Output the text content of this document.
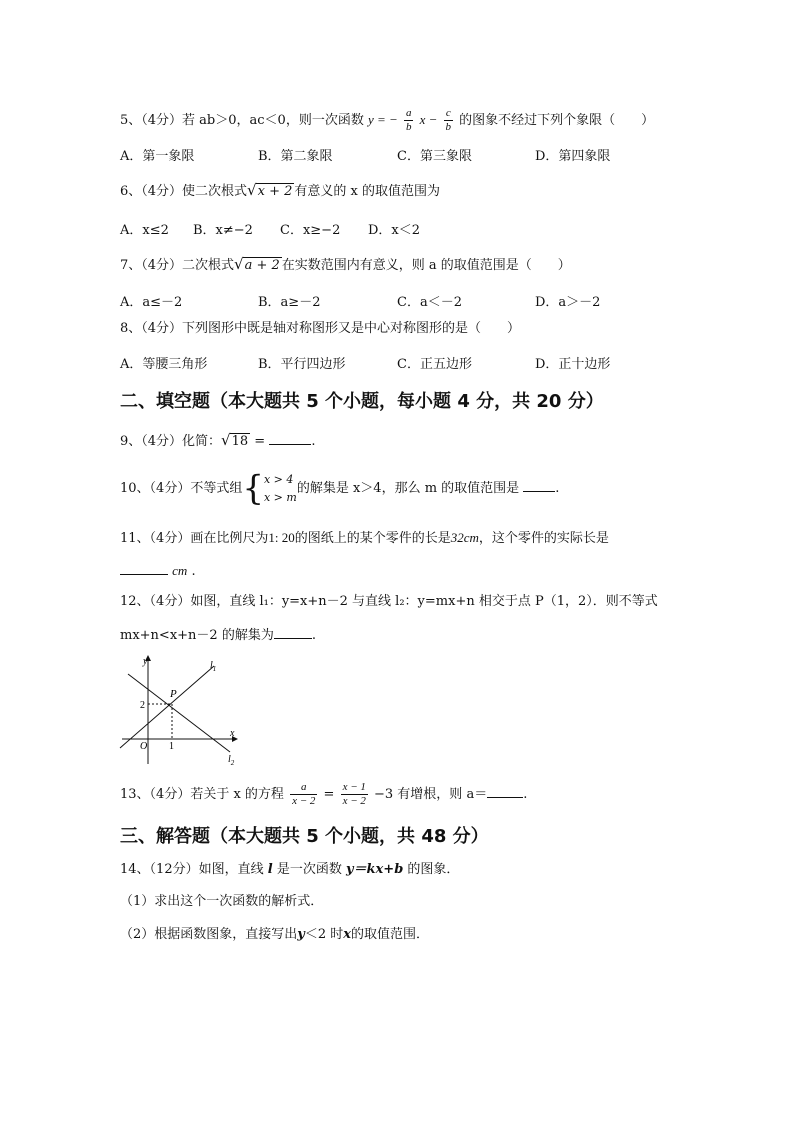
5、（4分）若 ab＞0，ac＜0，则一次函数 y = − $\frac{a}{b}$ $x - \frac{c}{b}$ 的图象不经过下列个象限（　　）
A．第一象限	B．第二象限	C．第三象限	D．第四象限
6、（4分）使二次根式√x + 2 有意义的 x 的取值范围为
A．x≤2 B．x≠−2 C．x≥−2 D．x＜2
7、（4分）二次根式√a + 2 在实数范围内有意义，则 a 的取值范围是（　　）
A．a≤－2	B．a≥－2	C．a＜－2	D．a＞－2
8、（4分）下列图形中既是轴对称图形又是中心对称图形的是（　　）
A．等腰三角形	B．平行四边形	C．正五边形	D．正十边形
二、填空题（本大题共 5 个小题，每小题 4 分，共 20 分）
9、（4分）化简：√18 =	.
10、（4分）不等式组{ x > 4
x > m
的解集是 x＞4，那么 m 的取值范围是	.
11、（4分）画在比例尺为1: 20的图纸上的某个零件的长是32cm，这个零件的实际长是
cm .
12、（4分）如图，直线 l₁：y=x+n－2 与直线 l₂：y=mx+n 相交于点 P（1，2）．则不等式
mx+n<x+n－2 的解集为	.
y
x
P
2
1
O
$l_1$
$l_2$
13、（4分）若关于 x 的方程 $\frac{a}{x - 2} = \frac{x - 1}{x - 2} -3$ 有增根，则 a＝	.
三、解答题（本大题共 5 个小题，共 48 分）
14、（12分）如图，直线 l 是一次函数 y＝kx+b 的图象．
（1）求出这个一次函数的解析式．
（2）根据函数图象，直接写出y＜2 时x的取值范围．
